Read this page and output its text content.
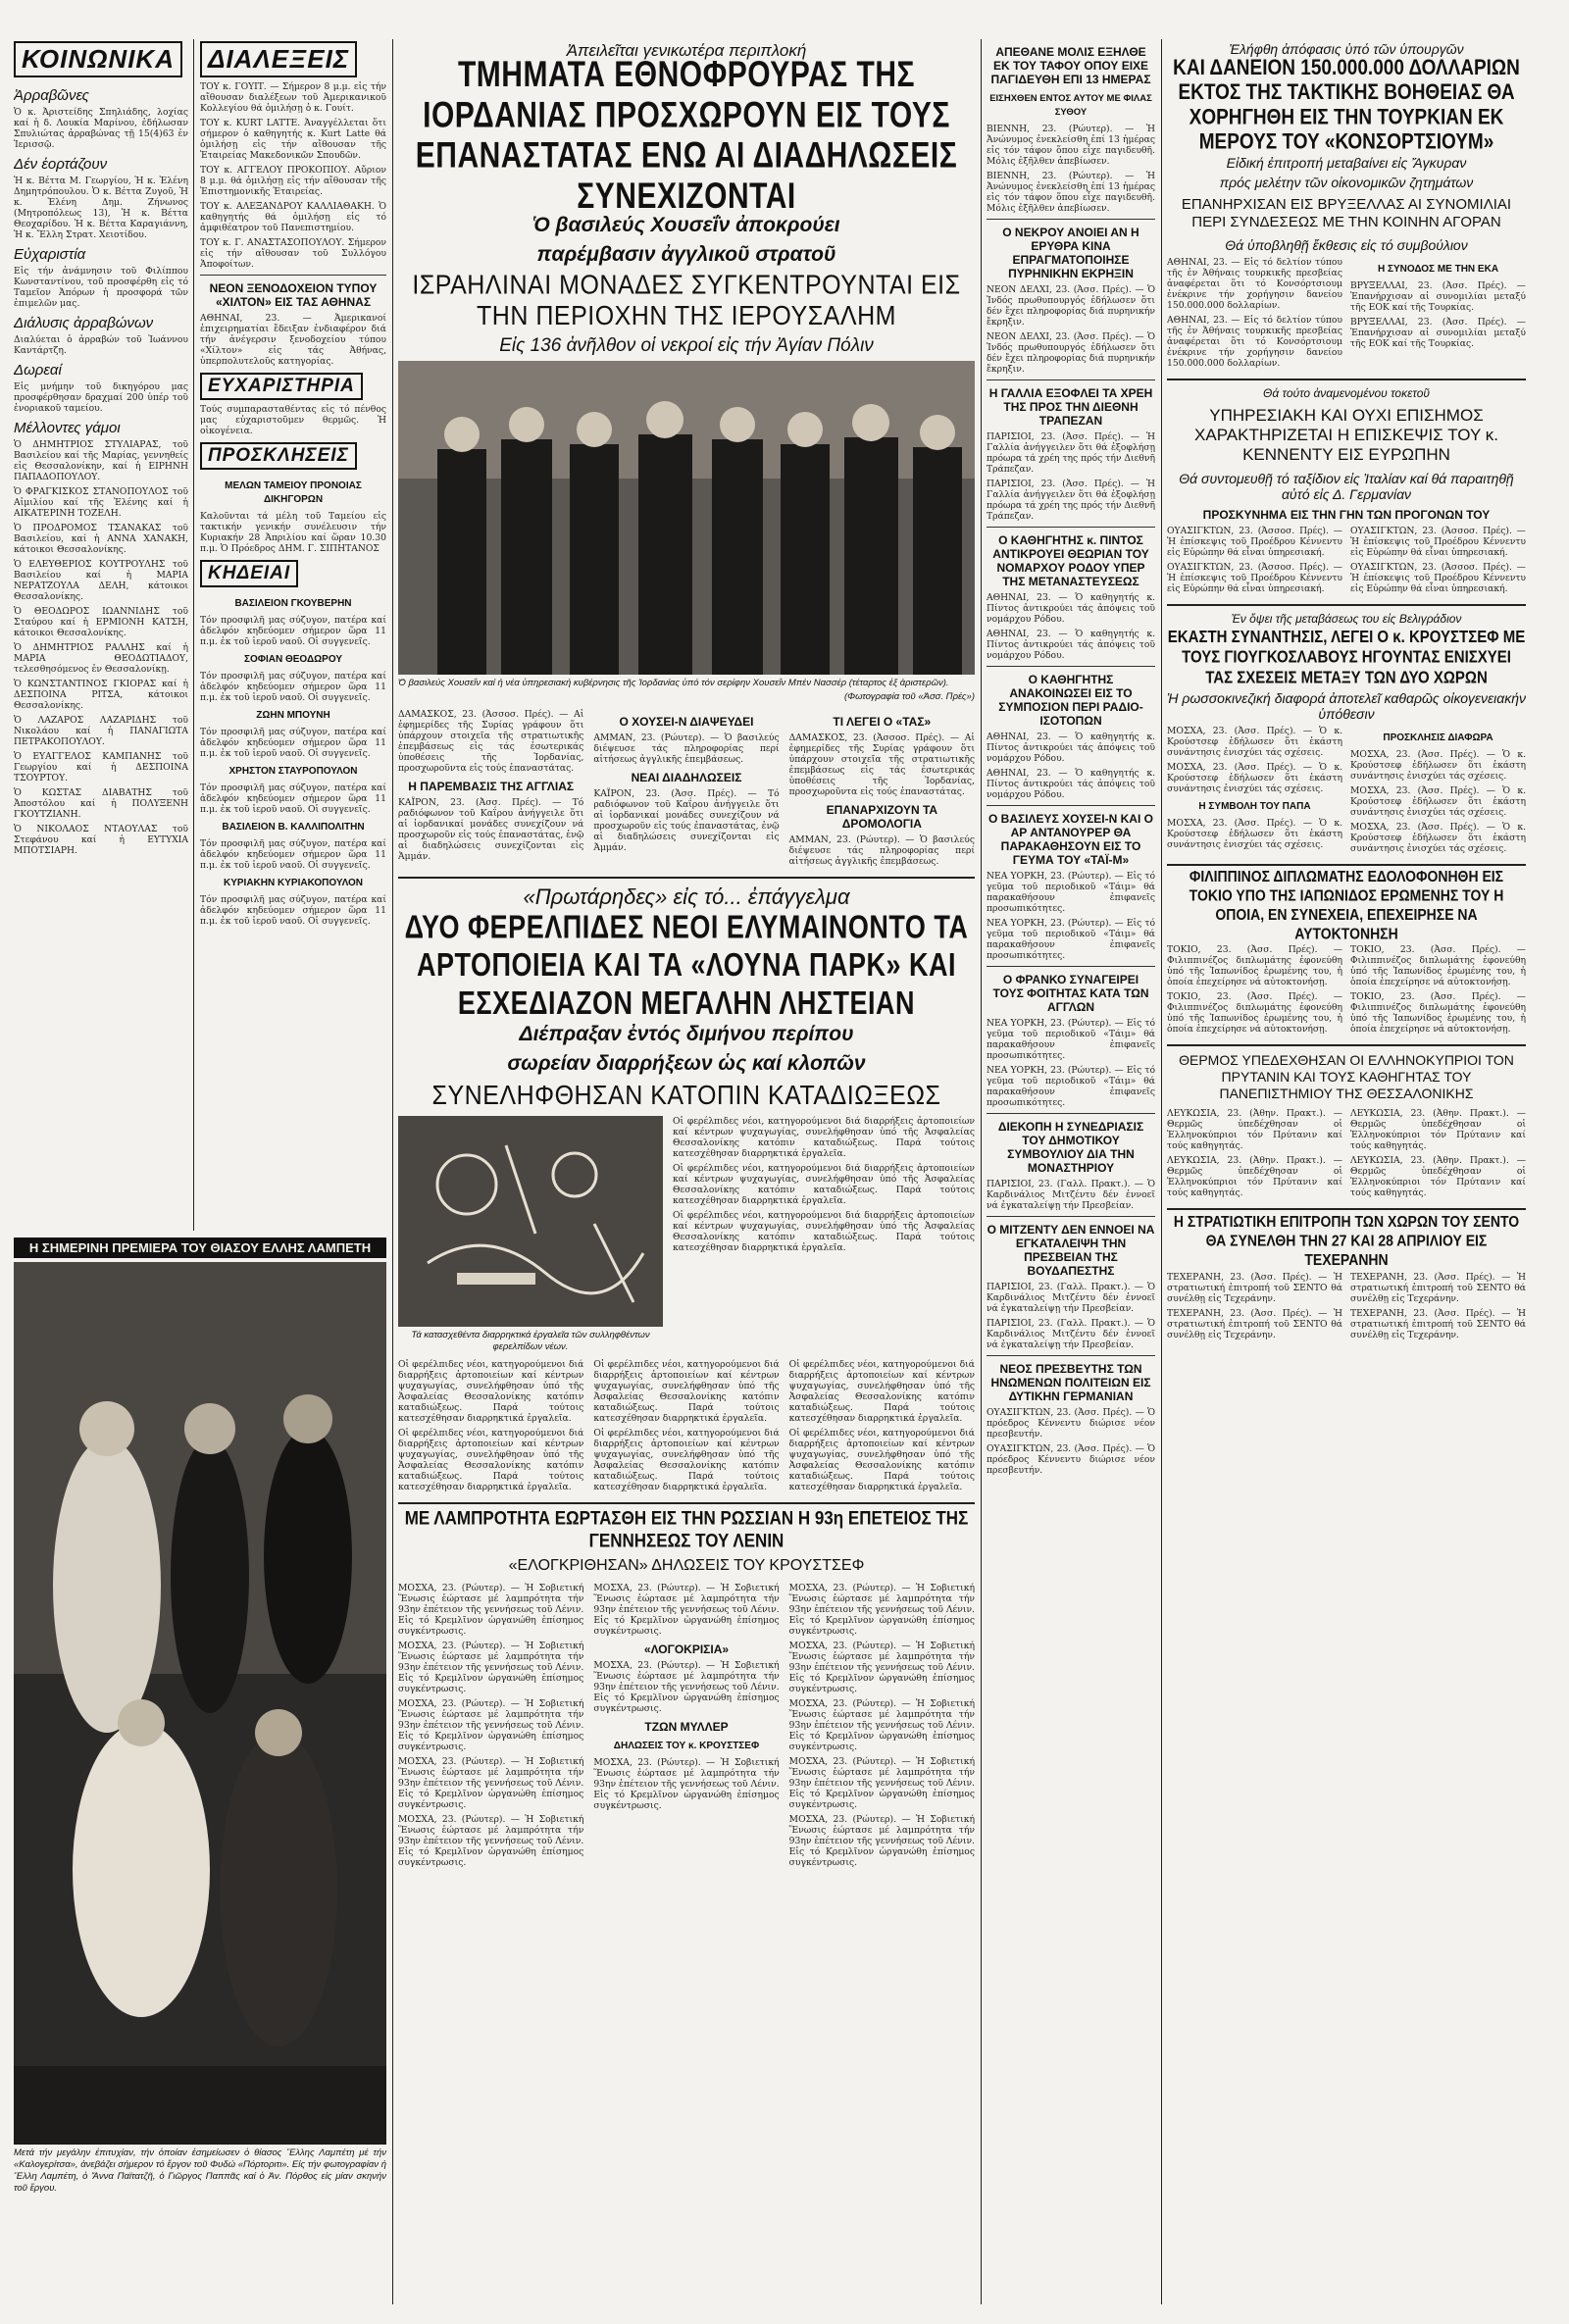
ΚΟΙΝΩΝΙΚΑ
Ἀρραβῶνες

Ὁ κ. Ἀριστείδης Σπηλιάδης, λοχίας καί ἡ δ. Λουκία Μαρίνου, ἐδήλωσαν Σπυλιώτας ἀρραβώνας τῇ 15(4)63 ἐν Ἱερισσῷ.

Δέν ἑορτάζουν

Ἡ κ. Βέττα Μ. Γεωργίου, Ἡ κ. Ἐλένη Δημητρόπουλου. Ὁ κ. Βέττα Ζυγοῦ, Ἡ κ. Ἑλένη Δημ. Ζήνωνος (Μητροπόλεως 13), Ἡ κ. Βέττα Θεοχαρίδου. Ἡ κ. Βέττα Καραγιάννη, Ἡ κ. Ἔλλη Στρατ. Χειοτίδου.

Εὐχαριστία

Εἰς τήν ἀνάμνησιν τοῦ Φιλίππου Κωνσταντίνου, τοῦ προσφέρθη εἰς τό Ταμεῖον Ἀπόρων ἡ προσφορά τῶν ἐπιμελῶν μας.

Διάλυσις ἀρραβώνων

Διαλύεται ὁ ἀρραβών τοῦ Ἰωάννου Καντάρτζη.

Δωρεαί

Εἰς μνήμην τοῦ δικηγόρου μας προσφέρθησαν δραχμαί 200 ὑπέρ τοῦ ἐνοριακοῦ ταμείου.

Μέλλοντες γάμοι

Ὁ ΔΗΜΗΤΡΙΟΣ ΣΤΥΛΙΑΡΑΣ, τοῦ Βασιλείου καί τῆς Μαρίας, γεννηθείς εἰς Θεσσαλονίκην, καί ἡ ΕΙΡΗΝΗ ΠΑΠΑΔΟΠΟΥΛΟΥ.

Ὁ ΦΡΑΓΚΙΣΚΟΣ ΣΤΑΝΟΠΟΥΛΟΣ τοῦ Αἰμιλίου καί τῆς Ἐλένης καί ἡ ΑΙΚΑΤΕΡΙΝΗ ΤΟΖΕΛΗ.

Ὁ ΠΡΟΔΡΟΜΟΣ ΤΣΑΝΑΚΑΣ τοῦ Βασιλείου, καί ἡ ΑΝΝΑ ΧΑΝΑΚΗ, κάτοικοι Θεσσαλονίκης.

Ὁ ΕΛΕΥΘΕΡΙΟΣ ΚΟΥΤΡΟΥΛΗΣ τοῦ Βασιλείου καί ἡ ΜΑΡΙΑ ΝΕΡΑΤΖΟΥΛΑ ΔΕΛΗ, κάτοικοι Θεσσαλονίκης.

Ὁ ΘΕΟΔΩΡΟΣ ΙΩΑΝΝΙΔΗΣ τοῦ Σταύρου καί ἡ ΕΡΜΙΟΝΗ ΚΑΤΣΗ, κάτοικοι Θεσσαλονίκης.

Ὁ ΔΗΜΗΤΡΙΟΣ ΡΑΛΛΗΣ καί ἡ ΜΑΡΙΑ ΘΕΟΔΩΤΙΑΔΟΥ, τελεσθησόμενος ἐν Θεσσαλονίκῃ.

Ὁ ΚΩΝΣΤΑΝΤΙΝΟΣ ΓΚΙΟΡΑΣ καί ἡ ΔΕΣΠΟΙΝΑ ΡΙΤΣΑ, κάτοικοι Θεσσαλονίκης.

Ὁ ΛΑΖΑΡΟΣ ΛΑΖΑΡΙΔΗΣ τοῦ Νικολάου καί ἡ ΠΑΝΑΓΙΩΤΑ ΠΕΤΡΑΚΟΠΟΥΛΟΥ.

Ὁ ΕΥΑΓΓΕΛΟΣ ΚΑΜΠΑΝΗΣ τοῦ Γεωργίου καί ἡ ΔΕΣΠΟΙΝΑ ΤΣΟΥΡΤΟΥ.

Ὁ ΚΩΣΤΑΣ ΔΙΑΒΑΤΗΣ τοῦ Ἀποστόλου καί ἡ ΠΟΛΥΞΕΝΗ ΓΚΟΥΤΖΙΑΝΗ.

Ὁ ΝΙΚΟΛΑΟΣ ΝΤΑΟΥΛΑΣ τοῦ Στεφάνου καί ἡ ΕΥΤΥΧΙΑ ΜΠΟΤΣΙΑΡΗ.

ΔΙΑΛΕΞΕΙΣ

ΤΟΥ κ. ΓΟΥΙΤ. — Σήμερον 8 μ.μ. εἰς τήν αἴθουσαν διαλέξεων τοῦ Ἀμερικανικοῦ Κολλεγίου θά ὁμιλήσῃ ὁ κ. Γουίτ.

ΤΟΥ κ. KURT LATTE. Ἀναγγέλλεται ὅτι σήμερον ὁ καθηγητής κ. Kurt Latte θά ὁμιλήσῃ εἰς τήν αἴθουσαν τῆς Ἑταιρείας Μακεδονικῶν Σπουδῶν.

ΤΟΥ κ. ΑΓΓΕΛΟΥ ΠΡΟΚΟΠΙΟΥ. Αὔριον 8 μ.μ. θά ὁμιλήσῃ εἰς τήν αἴθουσαν τῆς Ἐπιστημονικῆς Ἑταιρείας.

ΤΟΥ κ. ΑΛΕΞΑΝΔΡΟΥ ΚΑΛΛΙΑΘΑΚΗ. Ὁ καθηγητής θά ὁμιλήσῃ εἰς τό ἀμφιθέατρον τοῦ Πανεπιστημίου.

ΤΟΥ κ. Γ. ΑΝΑΣΤΑΣΟΠΟΥΛΟΥ. Σήμερον εἰς τήν αἴθουσαν τοῦ Συλλόγου Ἀποφοίτων.

ΝΕΟΝ ΞΕΝΟΔΟΧΕΙΟΝ ΤΥΠΟΥ «ΧΙΛΤΟΝ» ΕΙΣ ΤΑΣ ΑΘΗΝΑΣ

ΑΘΗΝΑΙ, 23. — Ἀμερικανοί ἐπιχειρηματίαι ἔδειξαν ἐνδιαφέρον διά τήν ἀνέγερσιν ξενοδοχείου τύπου «Χίλτον» εἰς τάς Ἀθήνας, ὑπερπολυτελοῦς κατηγορίας.

ΕΥΧΑΡΙΣΤΗΡΙΑ

Τούς συμπαρασταθέντας εἰς τό πένθος μας εὐχαριστοῦμεν θερμῶς. Ἡ οἰκογένεια.

ΠΡΟΣΚΛΗΣΕΙΣ
ΜΕΛΩΝ ΤΑΜΕΙΟΥ ΠΡΟΝΟΙΑΣ ΔΙΚΗΓΟΡΩΝ

Καλοῦνται τά μέλη τοῦ Ταμείου εἰς τακτικήν γενικήν συνέλευσιν τήν Κυριακήν 28 Ἀπριλίου καί ὥραν 10.30 π.μ. Ὁ Πρόεδρος ΔΗΜ. Γ. ΣΙΠΗΤΑΝΟΣ

ΚΗΔΕΙΑΙ
ΒΑΣΙΛΕΙΟΝ ΓΚΟΥΒΕΡΗΝ

Τόν προσφιλῆ μας σύζυγον, πατέρα καί ἀδελφόν κηδεύομεν σήμερον ὥρα 11 π.μ. ἐκ τοῦ ἱεροῦ ναοῦ. Οἱ συγγενεῖς.

ΣΟΦΙΑΝ ΘΕΟΔΩΡΟΥ

Τόν προσφιλῆ μας σύζυγον, πατέρα καί ἀδελφόν κηδεύομεν σήμερον ὥρα 11 π.μ. ἐκ τοῦ ἱεροῦ ναοῦ. Οἱ συγγενεῖς.

ΖΩΗΝ ΜΠΟΥΝΗ

Τόν προσφιλῆ μας σύζυγον, πατέρα καί ἀδελφόν κηδεύομεν σήμερον ὥρα 11 π.μ. ἐκ τοῦ ἱεροῦ ναοῦ. Οἱ συγγενεῖς.

ΧΡΗΣΤΟΝ ΣΤΑΥΡΟΠΟΥΛΟΝ

Τόν προσφιλῆ μας σύζυγον, πατέρα καί ἀδελφόν κηδεύομεν σήμερον ὥρα 11 π.μ. ἐκ τοῦ ἱεροῦ ναοῦ. Οἱ συγγενεῖς.

ΒΑΣΙΛΕΙΟΝ Β. ΚΑΛΛΙΠΟΛΙΤΗΝ

Τόν προσφιλῆ μας σύζυγον, πατέρα καί ἀδελφόν κηδεύομεν σήμερον ὥρα 11 π.μ. ἐκ τοῦ ἱεροῦ ναοῦ. Οἱ συγγενεῖς.

ΚΥΡΙΑΚΗΝ ΚΥΡΙΑΚΟΠΟΥΛΟΝ

Τόν προσφιλῆ μας σύζυγον, πατέρα καί ἀδελφόν κηδεύομεν σήμερον ὥρα 11 π.μ. ἐκ τοῦ ἱεροῦ ναοῦ. Οἱ συγγενεῖς.

Η ΣΗΜΕΡΙΝΗ ΠΡΕΜΙΕΡΑ ΤΟΥ ΘΙΑΣΟΥ ΕΛΛΗΣ ΛΑΜΠΕΤΗ

Μετά τήν μεγάλην ἐπιτυχίαν, τήν ὁποίαν ἐσημείωσεν ὁ θίασος Ἔλλης Λαμπέτη μέ τήν «Καλογερίτσα», ἀνεβάζει σήμερον τό ἔργον τοῦ Φυδώ «Πόρτοριτι». Εἰς τήν φωτογραφίαν ἡ Ἔλλη Λαμπέτη, ὁ Ἄννα Παϊτατζῆ, ὁ Γιῶργος Παππᾶς καί ὁ Ἀν. Πόρθος εἰς μίαν σκηνήν τοῦ ἔργου.

Ἀπειλεῖται γενικωτέρα περιπλοκή
ΤΜΗΜΑΤΑ ΕΘΝΟΦΡΟΥΡΑΣ ΤΗΣ ΙΟΡΔΑΝΙΑΣ ΠΡΟΣΧΩΡΟΥΝ ΕΙΣ ΤΟΥΣ ΕΠΑΝΑΣΤΑΤΑΣ ΕΝΩ ΑΙ ΔΙΑΔΗΛΩΣΕΙΣ ΣΥΝΕΧΙΖΟΝΤΑΙ
Ὁ βασιλεύς Χουσεΐν ἀποκρούει
παρέμβασιν ἀγγλικοῦ στρατοῦ
ΙΣΡΑΗΛΙΝΑΙ ΜΟΝΑΔΕΣ ΣΥΓΚΕΝΤΡΟΥΝΤΑΙ ΕΙΣ ΤΗΝ ΠΕΡΙΟΧΗΝ ΤΗΣ ΙΕΡΟΥΣΑΛΗΜ
Εἰς 136 ἀνῆλθον οἱ νεκροί εἰς τήν Ἀγίαν Πόλιν

Ὁ βασιλεύς Χουσεΐν καί ἡ νέα ὑπηρεσιακή κυβέρνησις τῆς Ἰορδανίας ὑπό τόν σερίφην Χουσεΐν Μπέν Νασσέρ (τέταρτος ἐξ ἀριστερῶν).

(Φωτογραφία τοῦ «Ἀσσ. Πρές»)

ΔΑΜΑΣΚΟΣ, 23. (Ἀσσοσ. Πρές). — Αἱ ἐφημερίδες τῆς Συρίας γράφουν ὅτι ὑπάρχουν στοιχεῖα τῆς στρατιωτικῆς ἐπεμβάσεως εἰς τάς ἐσωτερικάς ὑποθέσεις τῆς Ἰορδανίας, προσχωροῦντα εἰς τούς ἐπαναστάτας.

Η ΠΑΡΕΜΒΑΣΙΣ ΤΗΣ ΑΓΓΛΙΑΣ

ΚΑΪΡΟΝ, 23. (Ἀσσ. Πρές). — Τό ραδιόφωνον τοῦ Καΐρου ἀνήγγειλε ὅτι αἱ ἰορδανικαί μονάδες συνεχίζουν νά προσχωροῦν εἰς τούς ἐπαναστάτας, ἐνῷ αἱ διαδηλώσεις συνεχίζονται εἰς Ἀμμάν.

Ο ΧΟΥΣΕΙ-Ν ΔΙΑΨΕΥΔΕΙ

ΑΜΜΑΝ, 23. (Ρώυτερ). — Ὁ βασιλεύς διέψευσε τάς πληροφορίας περί αἰτήσεως ἀγγλικῆς ἐπεμβάσεως.

ΝΕΑΙ ΔΙΑΔΗΛΩΣΕΙΣ

ΚΑΪΡΟΝ, 23. (Ἀσσ. Πρές). — Τό ραδιόφωνον τοῦ Καΐρου ἀνήγγειλε ὅτι αἱ ἰορδανικαί μονάδες συνεχίζουν νά προσχωροῦν εἰς τούς ἐπαναστάτας, ἐνῷ αἱ διαδηλώσεις συνεχίζονται εἰς Ἀμμάν.

ΤΙ ΛΕΓΕΙ Ο «ΤΑΣ»

ΔΑΜΑΣΚΟΣ, 23. (Ἀσσοσ. Πρές). — Αἱ ἐφημερίδες τῆς Συρίας γράφουν ὅτι ὑπάρχουν στοιχεῖα τῆς στρατιωτικῆς ἐπεμβάσεως εἰς τάς ἐσωτερικάς ὑποθέσεις τῆς Ἰορδανίας, προσχωροῦντα εἰς τούς ἐπαναστάτας.

ΕΠΑΝΑΡΧΙΖΟΥΝ ΤΑ ΔΡΟΜΟΛΟΓΙΑ

ΑΜΜΑΝ, 23. (Ρώυτερ). — Ὁ βασιλεύς διέψευσε τάς πληροφορίας περί αἰτήσεως ἀγγλικῆς ἐπεμβάσεως.

«Πρωτάρηδες» εἰς τό... ἐπάγγελμα
ΔΥΟ ΦΕΡΕΛΠΙΔΕΣ ΝΕΟΙ ΕΛΥΜΑΙΝΟΝΤΟ ΤΑ ΑΡΤΟΠΟΙΕΙΑ ΚΑΙ ΤΑ «ΛΟΥΝΑ ΠΑΡΚ» ΚΑΙ ΕΣΧΕΔΙΑΖΟΝ ΜΕΓΑΛΗΝ ΛΗΣΤΕΙΑΝ
Διέπραξαν ἐντός διμήνου περίπου
σωρείαν διαρρήξεων ὡς καί κλοπῶν
ΣΥΝΕΛΗΦΘΗΣΑΝ ΚΑΤΟΠΙΝ ΚΑΤΑΔΙΩΞΕΩΣ

Τά κατασχεθέντα διαρρηκτικά ἐργαλεῖα τῶν συλληφθέντων φερελπίδων νέων.

Οἱ φερέλπιδες νέοι, κατηγορούμενοι διά διαρρήξεις ἀρτοποιείων καί κέντρων ψυχαγωγίας, συνελήφθησαν ὑπό τῆς Ἀσφαλείας Θεσσαλονίκης κατόπιν καταδιώξεως. Παρά τούτοις κατεσχέθησαν διαρρηκτικά ἐργαλεῖα.

Οἱ φερέλπιδες νέοι, κατηγορούμενοι διά διαρρήξεις ἀρτοποιείων καί κέντρων ψυχαγωγίας, συνελήφθησαν ὑπό τῆς Ἀσφαλείας Θεσσαλονίκης κατόπιν καταδιώξεως. Παρά τούτοις κατεσχέθησαν διαρρηκτικά ἐργαλεῖα.

Οἱ φερέλπιδες νέοι, κατηγορούμενοι διά διαρρήξεις ἀρτοποιείων καί κέντρων ψυχαγωγίας, συνελήφθησαν ὑπό τῆς Ἀσφαλείας Θεσσαλονίκης κατόπιν καταδιώξεως. Παρά τούτοις κατεσχέθησαν διαρρηκτικά ἐργαλεῖα.

Οἱ φερέλπιδες νέοι, κατηγορούμενοι διά διαρρήξεις ἀρτοποιείων καί κέντρων ψυχαγωγίας, συνελήφθησαν ὑπό τῆς Ἀσφαλείας Θεσσαλονίκης κατόπιν καταδιώξεως. Παρά τούτοις κατεσχέθησαν διαρρηκτικά ἐργαλεῖα.

Οἱ φερέλπιδες νέοι, κατηγορούμενοι διά διαρρήξεις ἀρτοποιείων καί κέντρων ψυχαγωγίας, συνελήφθησαν ὑπό τῆς Ἀσφαλείας Θεσσαλονίκης κατόπιν καταδιώξεως. Παρά τούτοις κατεσχέθησαν διαρρηκτικά ἐργαλεῖα.

Οἱ φερέλπιδες νέοι, κατηγορούμενοι διά διαρρήξεις ἀρτοποιείων καί κέντρων ψυχαγωγίας, συνελήφθησαν ὑπό τῆς Ἀσφαλείας Θεσσαλονίκης κατόπιν καταδιώξεως. Παρά τούτοις κατεσχέθησαν διαρρηκτικά ἐργαλεῖα.

Οἱ φερέλπιδες νέοι, κατηγορούμενοι διά διαρρήξεις ἀρτοποιείων καί κέντρων ψυχαγωγίας, συνελήφθησαν ὑπό τῆς Ἀσφαλείας Θεσσαλονίκης κατόπιν καταδιώξεως. Παρά τούτοις κατεσχέθησαν διαρρηκτικά ἐργαλεῖα.

Οἱ φερέλπιδες νέοι, κατηγορούμενοι διά διαρρήξεις ἀρτοποιείων καί κέντρων ψυχαγωγίας, συνελήφθησαν ὑπό τῆς Ἀσφαλείας Θεσσαλονίκης κατόπιν καταδιώξεως. Παρά τούτοις κατεσχέθησαν διαρρηκτικά ἐργαλεῖα.

Οἱ φερέλπιδες νέοι, κατηγορούμενοι διά διαρρήξεις ἀρτοποιείων καί κέντρων ψυχαγωγίας, συνελήφθησαν ὑπό τῆς Ἀσφαλείας Θεσσαλονίκης κατόπιν καταδιώξεως. Παρά τούτοις κατεσχέθησαν διαρρηκτικά ἐργαλεῖα.

ΜΕ ΛΑΜΠΡΟΤΗΤΑ ΕΩΡΤΑΣΘΗ ΕΙΣ ΤΗΝ ΡΩΣΣΙΑΝ Η 93η ΕΠΕΤΕΙΟΣ ΤΗΣ ΓΕΝΝΗΣΕΩΣ ΤΟΥ ΛΕΝΙΝ
«ΕΛΟΓΚΡΙΘΗΣΑΝ» ΔΗΛΩΣΕΙΣ ΤΟΥ ΚΡΟΥΣΤΣΕΦ

ΜΟΣΧΑ, 23. (Ρώυτερ). — Ἡ Σοβιετική Ἕνωσις ἑώρτασε μέ λαμπρότητα τήν 93ην ἐπέτειον τῆς γεννήσεως τοῦ Λένιν. Εἰς τό Κρεμλῖνον ὡργανώθη ἐπίσημος συγκέντρωσις.

ΜΟΣΧΑ, 23. (Ρώυτερ). — Ἡ Σοβιετική Ἕνωσις ἑώρτασε μέ λαμπρότητα τήν 93ην ἐπέτειον τῆς γεννήσεως τοῦ Λένιν. Εἰς τό Κρεμλῖνον ὡργανώθη ἐπίσημος συγκέντρωσις.

ΜΟΣΧΑ, 23. (Ρώυτερ). — Ἡ Σοβιετική Ἕνωσις ἑώρτασε μέ λαμπρότητα τήν 93ην ἐπέτειον τῆς γεννήσεως τοῦ Λένιν. Εἰς τό Κρεμλῖνον ὡργανώθη ἐπίσημος συγκέντρωσις.

ΜΟΣΧΑ, 23. (Ρώυτερ). — Ἡ Σοβιετική Ἕνωσις ἑώρτασε μέ λαμπρότητα τήν 93ην ἐπέτειον τῆς γεννήσεως τοῦ Λένιν. Εἰς τό Κρεμλῖνον ὡργανώθη ἐπίσημος συγκέντρωσις.

ΜΟΣΧΑ, 23. (Ρώυτερ). — Ἡ Σοβιετική Ἕνωσις ἑώρτασε μέ λαμπρότητα τήν 93ην ἐπέτειον τῆς γεννήσεως τοῦ Λένιν. Εἰς τό Κρεμλῖνον ὡργανώθη ἐπίσημος συγκέντρωσις.

ΜΟΣΧΑ, 23. (Ρώυτερ). — Ἡ Σοβιετική Ἕνωσις ἑώρτασε μέ λαμπρότητα τήν 93ην ἐπέτειον τῆς γεννήσεως τοῦ Λένιν. Εἰς τό Κρεμλῖνον ὡργανώθη ἐπίσημος συγκέντρωσις.

«ΛΟΓΟΚΡΙΣΙΑ»

ΜΟΣΧΑ, 23. (Ρώυτερ). — Ἡ Σοβιετική Ἕνωσις ἑώρτασε μέ λαμπρότητα τήν 93ην ἐπέτειον τῆς γεννήσεως τοῦ Λένιν. Εἰς τό Κρεμλῖνον ὡργανώθη ἐπίσημος συγκέντρωσις.

ΤΖΩΝ ΜΥΛΛΕΡ
ΔΗΛΩΣΕΙΣ ΤΟΥ κ. ΚΡΟΥΣΤΣΕΦ

ΜΟΣΧΑ, 23. (Ρώυτερ). — Ἡ Σοβιετική Ἕνωσις ἑώρτασε μέ λαμπρότητα τήν 93ην ἐπέτειον τῆς γεννήσεως τοῦ Λένιν. Εἰς τό Κρεμλῖνον ὡργανώθη ἐπίσημος συγκέντρωσις.

ΜΟΣΧΑ, 23. (Ρώυτερ). — Ἡ Σοβιετική Ἕνωσις ἑώρτασε μέ λαμπρότητα τήν 93ην ἐπέτειον τῆς γεννήσεως τοῦ Λένιν. Εἰς τό Κρεμλῖνον ὡργανώθη ἐπίσημος συγκέντρωσις.

ΜΟΣΧΑ, 23. (Ρώυτερ). — Ἡ Σοβιετική Ἕνωσις ἑώρτασε μέ λαμπρότητα τήν 93ην ἐπέτειον τῆς γεννήσεως τοῦ Λένιν. Εἰς τό Κρεμλῖνον ὡργανώθη ἐπίσημος συγκέντρωσις.

ΜΟΣΧΑ, 23. (Ρώυτερ). — Ἡ Σοβιετική Ἕνωσις ἑώρτασε μέ λαμπρότητα τήν 93ην ἐπέτειον τῆς γεννήσεως τοῦ Λένιν. Εἰς τό Κρεμλῖνον ὡργανώθη ἐπίσημος συγκέντρωσις.

ΜΟΣΧΑ, 23. (Ρώυτερ). — Ἡ Σοβιετική Ἕνωσις ἑώρτασε μέ λαμπρότητα τήν 93ην ἐπέτειον τῆς γεννήσεως τοῦ Λένιν. Εἰς τό Κρεμλῖνον ὡργανώθη ἐπίσημος συγκέντρωσις.

ΜΟΣΧΑ, 23. (Ρώυτερ). — Ἡ Σοβιετική Ἕνωσις ἑώρτασε μέ λαμπρότητα τήν 93ην ἐπέτειον τῆς γεννήσεως τοῦ Λένιν. Εἰς τό Κρεμλῖνον ὡργανώθη ἐπίσημος συγκέντρωσις.

ΑΠΕΘΑΝΕ ΜΟΛΙΣ ΕΞΗΛΘΕ ΕΚ ΤΟΥ ΤΑΦΟΥ ΟΠΟΥ ΕΙΧΕ ΠΑΓΙΔΕΥΘΗ ΕΠΙ 13 ΗΜΕΡΑΣ
ΕΙΣΗΧΘΕΝ ΕΝΤΟΣ ΑΥΤΟΥ ΜΕ ΦΙΛΑΣ ΣΥΘΟΥ

ΒΙΕΝΝΗ, 23. (Ρώυτερ). — Ἡ Ἀνώνυμος ἐνεκλείσθη ἐπί 13 ἡμέρας εἰς τόν τάφον ὅπου εἶχε παγιδευθῆ. Μόλις ἐξῆλθεν ἀπεβίωσεν.

ΒΙΕΝΝΗ, 23. (Ρώυτερ). — Ἡ Ἀνώνυμος ἐνεκλείσθη ἐπί 13 ἡμέρας εἰς τόν τάφον ὅπου εἶχε παγιδευθῆ. Μόλις ἐξῆλθεν ἀπεβίωσεν.

Ο ΝΕΚΡΟΥ ΑΝΟΙΕΙ ΑΝ Η ΕΡΥΘΡΑ ΚΙΝΑ ΕΠΡΑΓΜΑΤΟΠΟΙΗΣΕ ΠΥΡΗΝΙΚΗΝ ΕΚΡΗΞΙΝ

ΝΕΟΝ ΔΕΛΧΙ, 23. (Ἀσσ. Πρές). — Ὁ Ἰνδός πρωθυπουργός ἐδήλωσεν ὅτι δέν ἔχει πληροφορίας διά πυρηνικήν ἔκρηξιν.

ΝΕΟΝ ΔΕΛΧΙ, 23. (Ἀσσ. Πρές). — Ὁ Ἰνδός πρωθυπουργός ἐδήλωσεν ὅτι δέν ἔχει πληροφορίας διά πυρηνικήν ἔκρηξιν.

Η ΓΑΛΛΙΑ ΕΞΟΦΛΕΙ ΤΑ ΧΡΕΗ ΤΗΣ ΠΡΟΣ ΤΗΝ ΔΙΕΘΝΗ ΤΡΑΠΕΖΑΝ

ΠΑΡΙΣΙΟΙ, 23. (Ἀσσ. Πρές). — Ἡ Γαλλία ἀνήγγειλεν ὅτι θά ἐξοφλήσῃ πρόωρα τά χρέη της πρός τήν Διεθνῆ Τράπεζαν.

ΠΑΡΙΣΙΟΙ, 23. (Ἀσσ. Πρές). — Ἡ Γαλλία ἀνήγγειλεν ὅτι θά ἐξοφλήσῃ πρόωρα τά χρέη της πρός τήν Διεθνῆ Τράπεζαν.

Ο ΚΑΘΗΓΗΤΗΣ κ. ΠΙΝΤΟΣ ΑΝΤΙΚΡΟΥΕΙ ΘΕΩΡΙΑΝ ΤΟΥ ΝΟΜΑΡΧΟΥ ΡΟΔΟΥ ΥΠΕΡ ΤΗΣ ΜΕΤΑΝΑΣΤΕΥΣΕΩΣ

ΑΘΗΝΑΙ, 23. — Ὁ καθηγητής κ. Πίντος ἀντικρούει τάς ἀπόψεις τοῦ νομάρχου Ρόδου.

ΑΘΗΝΑΙ, 23. — Ὁ καθηγητής κ. Πίντος ἀντικρούει τάς ἀπόψεις τοῦ νομάρχου Ρόδου.

Ο ΚΑΘΗΓΗΤΗΣ ΑΝΑΚΟΙΝΩΣΕΙ ΕΙΣ ΤΟ ΣΥΜΠΟΣΙΟΝ ΠΕΡΙ ΡΑΔΙΟ-ΙΣΟΤΟΠΩΝ

ΑΘΗΝΑΙ, 23. — Ὁ καθηγητής κ. Πίντος ἀντικρούει τάς ἀπόψεις τοῦ νομάρχου Ρόδου.

ΑΘΗΝΑΙ, 23. — Ὁ καθηγητής κ. Πίντος ἀντικρούει τάς ἀπόψεις τοῦ νομάρχου Ρόδου.

Ο ΒΑΣΙΛΕΥΣ ΧΟΥΣΕΙ-Ν ΚΑΙ Ο ΑΡ ΑΝΤΑΝΟΥΡΕΡ ΘΑ ΠΑΡΑΚΑΘΗΣΟΥΝ ΕΙΣ ΤΟ ΓΕΥΜΑ ΤΟΥ «ΤΑΪ-Μ»

ΝΕΑ ΥΟΡΚΗ, 23. (Ρώυτερ). — Εἰς τό γεῦμα τοῦ περιοδικοῦ «Τάιμ» θά παρακαθήσουν ἐπιφανεῖς προσωπικότητες.

ΝΕΑ ΥΟΡΚΗ, 23. (Ρώυτερ). — Εἰς τό γεῦμα τοῦ περιοδικοῦ «Τάιμ» θά παρακαθήσουν ἐπιφανεῖς προσωπικότητες.

Ο ΦΡΑΝΚΟ ΣΥΝΑΓΕΙΡΕΙ ΤΟΥΣ ΦΟΙΤΗΤΑΣ ΚΑΤΑ ΤΩΝ ΑΓΓΛΩΝ

ΝΕΑ ΥΟΡΚΗ, 23. (Ρώυτερ). — Εἰς τό γεῦμα τοῦ περιοδικοῦ «Τάιμ» θά παρακαθήσουν ἐπιφανεῖς προσωπικότητες.

ΝΕΑ ΥΟΡΚΗ, 23. (Ρώυτερ). — Εἰς τό γεῦμα τοῦ περιοδικοῦ «Τάιμ» θά παρακαθήσουν ἐπιφανεῖς προσωπικότητες.

ΔΙΕΚΟΠΗ Η ΣΥΝΕΔΡΙΑΣΙΣ ΤΟΥ ΔΗΜΟΤΙΚΟΥ ΣΥΜΒΟΥΛΙΟΥ ΔΙΑ ΤΗΝ ΜΟΝΑΣΤΗΡΙΟΥ

ΠΑΡΙΣΙΟΙ, 23. (Γαλλ. Πρακτ.). — Ὁ Καρδινάλιος Μιτζέντυ δέν ἐννοεῖ νά ἐγκαταλείψῃ τήν Πρεσβείαν.

Ο ΜΙΤΖΕΝΤΥ ΔΕΝ ΕΝΝΟΕΙ ΝΑ ΕΓΚΑΤΑΛΕΙΨΗ ΤΗΝ ΠΡΕΣΒΕΙΑΝ ΤΗΣ ΒΟΥΔΑΠΕΣΤΗΣ

ΠΑΡΙΣΙΟΙ, 23. (Γαλλ. Πρακτ.). — Ὁ Καρδινάλιος Μιτζέντυ δέν ἐννοεῖ νά ἐγκαταλείψῃ τήν Πρεσβείαν.

ΠΑΡΙΣΙΟΙ, 23. (Γαλλ. Πρακτ.). — Ὁ Καρδινάλιος Μιτζέντυ δέν ἐννοεῖ νά ἐγκαταλείψῃ τήν Πρεσβείαν.

ΝΕΟΣ ΠΡΕΣΒΕΥΤΗΣ ΤΩΝ ΗΝΩΜΕΝΩΝ ΠΟΛΙΤΕΙΩΝ ΕΙΣ ΔΥΤΙΚΗΝ ΓΕΡΜΑΝΙΑΝ

ΟΥΑΣΙΓΚΤΩΝ, 23. (Ἀσσ. Πρές). — Ὁ πρόεδρος Κέννεντυ διώρισε νέον πρεσβευτήν.

ΟΥΑΣΙΓΚΤΩΝ, 23. (Ἀσσ. Πρές). — Ὁ πρόεδρος Κέννεντυ διώρισε νέον πρεσβευτήν.

Ἐλήφθη ἀπόφασις ὑπό τῶν ὑπουργῶν
ΚΑΙ ΔΑΝΕΙΟΝ 150.000.000 ΔΟΛΛΑΡΙΩΝ ΕΚΤΟΣ ΤΗΣ ΤΑΚΤΙΚΗΣ ΒΟΗΘΕΙΑΣ ΘΑ ΧΟΡΗΓΗΘΗ ΕΙΣ ΤΗΝ ΤΟΥΡΚΙΑΝ ΕΚ ΜΕΡΟΥΣ ΤΟΥ «ΚΟΝΣΟΡΤΣΙΟΥΜ»
Εἰδική ἐπιτροπή μεταβαίνει εἰς Ἄγκυραν
πρός μελέτην τῶν οἰκονομικῶν ζητημάτων
ΕΠΑΝΗΡΧΙΣΑΝ ΕΙΣ ΒΡΥΞΕΛΛΑΣ ΑΙ ΣΥΝΟΜΙΛΙΑΙ ΠΕΡΙ ΣΥΝΔΕΣΕΩΣ ΜΕ ΤΗΝ ΚΟΙΝΗΝ ΑΓΟΡΑΝ
Θά ὑποβληθῇ ἔκθεσις εἰς τό συμβούλιον

ΑΘΗΝΑΙ, 23. — Εἰς τό δελτίον τύπου τῆς ἐν Ἀθήναις τουρκικῆς πρεσβείας ἀναφέρεται ὅτι τό Κονσόρτσιουμ ἐνέκρινε τήν χορήγησιν δανείου 150.000.000 δολλαρίων.

ΑΘΗΝΑΙ, 23. — Εἰς τό δελτίον τύπου τῆς ἐν Ἀθήναις τουρκικῆς πρεσβείας ἀναφέρεται ὅτι τό Κονσόρτσιουμ ἐνέκρινε τήν χορήγησιν δανείου 150.000.000 δολλαρίων.

Η ΣΥΝΟΔΟΣ ΜΕ ΤΗΝ ΕΚΑ

ΒΡΥΞΕΛΛΑΙ, 23. (Ἀσσ. Πρές). — Ἐπανήρχισαν αἱ συνομιλίαι μεταξύ τῆς ΕΟΚ καί τῆς Τουρκίας.

ΒΡΥΞΕΛΛΑΙ, 23. (Ἀσσ. Πρές). — Ἐπανήρχισαν αἱ συνομιλίαι μεταξύ τῆς ΕΟΚ καί τῆς Τουρκίας.

Θά τούτο ἀναμενομένου τοκετοῦ
ΥΠΗΡΕΣΙΑΚΗ ΚΑΙ ΟΥΧΙ ΕΠΙΣΗΜΟΣ ΧΑΡΑΚΤΗΡΙΖΕΤΑΙ Η ΕΠΙΣΚΕΨΙΣ ΤΟΥ κ. ΚΕΝΝΕΝΤΥ ΕΙΣ ΕΥΡΩΠΗΝ
Θά συντομευθῇ τό ταξίδιον εἰς Ἰταλίαν καί θά παραιτηθῇ αὐτό εἰς Δ. Γερμανίαν
ΠΡΟΣΚΥΝΗΜΑ ΕΙΣ ΤΗΝ ΓΗΝ ΤΩΝ ΠΡΟΓΟΝΩΝ ΤΟΥ

ΟΥΑΣΙΓΚΤΩΝ, 23. (Ἀσσοσ. Πρές). — Ἡ ἐπίσκεψις τοῦ Προέδρου Κέννεντυ εἰς Εὐρώπην θά εἶναι ὑπηρεσιακή.

ΟΥΑΣΙΓΚΤΩΝ, 23. (Ἀσσοσ. Πρές). — Ἡ ἐπίσκεψις τοῦ Προέδρου Κέννεντυ εἰς Εὐρώπην θά εἶναι ὑπηρεσιακή.

ΟΥΑΣΙΓΚΤΩΝ, 23. (Ἀσσοσ. Πρές). — Ἡ ἐπίσκεψις τοῦ Προέδρου Κέννεντυ εἰς Εὐρώπην θά εἶναι ὑπηρεσιακή.

ΟΥΑΣΙΓΚΤΩΝ, 23. (Ἀσσοσ. Πρές). — Ἡ ἐπίσκεψις τοῦ Προέδρου Κέννεντυ εἰς Εὐρώπην θά εἶναι ὑπηρεσιακή.

Ἐν ὄψει τῆς μεταβάσεως του εἰς Βελιγράδιον
ΕΚΑΣΤΗ ΣΥΝΑΝΤΗΣΙΣ, ΛΕΓΕΙ Ο κ. ΚΡΟΥΣΤΣΕΦ ΜΕ ΤΟΥΣ ΓΙΟΥΓΚΟΣΛΑΒΟΥΣ ΗΓΟΥΝΤΑΣ ΕΝΙΣΧΥΕΙ ΤΑΣ ΣΧΕΣΕΙΣ ΜΕΤΑΞΥ ΤΩΝ ΔΥΟ ΧΩΡΩΝ
Ἡ ρωσσοκινεζική διαφορά ἀποτελεῖ καθαρῶς οἰκογενειακήν ὑπόθεσιν

ΜΟΣΧΑ, 23. (Ἀσσ. Πρές). — Ὁ κ. Κρούστσεφ ἐδήλωσεν ὅτι ἑκάστη συνάντησις ἐνισχύει τάς σχέσεις.

ΜΟΣΧΑ, 23. (Ἀσσ. Πρές). — Ὁ κ. Κρούστσεφ ἐδήλωσεν ὅτι ἑκάστη συνάντησις ἐνισχύει τάς σχέσεις.

Η ΣΥΜΒΟΛΗ ΤΟΥ ΠΑΠΑ

ΜΟΣΧΑ, 23. (Ἀσσ. Πρές). — Ὁ κ. Κρούστσεφ ἐδήλωσεν ὅτι ἑκάστη συνάντησις ἐνισχύει τάς σχέσεις.

ΠΡΟΣΚΛΗΣΙΣ ΔΙΑΦΩΡΑ

ΜΟΣΧΑ, 23. (Ἀσσ. Πρές). — Ὁ κ. Κρούστσεφ ἐδήλωσεν ὅτι ἑκάστη συνάντησις ἐνισχύει τάς σχέσεις.

ΜΟΣΧΑ, 23. (Ἀσσ. Πρές). — Ὁ κ. Κρούστσεφ ἐδήλωσεν ὅτι ἑκάστη συνάντησις ἐνισχύει τάς σχέσεις.

ΜΟΣΧΑ, 23. (Ἀσσ. Πρές). — Ὁ κ. Κρούστσεφ ἐδήλωσεν ὅτι ἑκάστη συνάντησις ἐνισχύει τάς σχέσεις.

ΦΙΛΙΠΠΙΝΟΣ ΔΙΠΛΩΜΑΤΗΣ ΕΔΟΛΟΦΟΝΗΘΗ ΕΙΣ ΤΟΚΙΟ ΥΠΟ ΤΗΣ ΙΑΠΩΝΙΔΟΣ ΕΡΩΜΕΝΗΣ ΤΟΥ Η ΟΠΟΙΑ, ΕΝ ΣΥΝΕΧΕΙΑ, ΕΠΕΧΕΙΡΗΣΕ ΝΑ ΑΥΤΟΚΤΟΝΗΣΗ

ΤΟΚΙΟ, 23. (Ἀσσ. Πρές). — Φιλιππινέζος διπλωμάτης ἐφονεύθη ὑπό τῆς Ἰαπωνίδος ἐρωμένης του, ἡ ὁποία ἐπεχείρησε νά αὐτοκτονήσῃ.

ΤΟΚΙΟ, 23. (Ἀσσ. Πρές). — Φιλιππινέζος διπλωμάτης ἐφονεύθη ὑπό τῆς Ἰαπωνίδος ἐρωμένης του, ἡ ὁποία ἐπεχείρησε νά αὐτοκτονήσῃ.

ΤΟΚΙΟ, 23. (Ἀσσ. Πρές). — Φιλιππινέζος διπλωμάτης ἐφονεύθη ὑπό τῆς Ἰαπωνίδος ἐρωμένης του, ἡ ὁποία ἐπεχείρησε νά αὐτοκτονήσῃ.

ΤΟΚΙΟ, 23. (Ἀσσ. Πρές). — Φιλιππινέζος διπλωμάτης ἐφονεύθη ὑπό τῆς Ἰαπωνίδος ἐρωμένης του, ἡ ὁποία ἐπεχείρησε νά αὐτοκτονήσῃ.

ΘΕΡΜΟΣ ΥΠΕΔΕΧΘΗΣΑΝ ΟΙ ΕΛΛΗΝΟΚΥΠΡΙΟΙ ΤΟΝ ΠΡΥΤΑΝΙΝ ΚΑΙ ΤΟΥΣ ΚΑΘΗΓΗΤΑΣ ΤΟΥ ΠΑΝΕΠΙΣΤΗΜΙΟΥ ΤΗΣ ΘΕΣΣΑΛΟΝΙΚΗΣ

ΛΕΥΚΩΣΙΑ, 23. (Ἀθην. Πρακτ.). — Θερμῶς ὑπεδέχθησαν οἱ Ἑλληνοκύπριοι τόν Πρύτανιν καί τούς καθηγητάς.

ΛΕΥΚΩΣΙΑ, 23. (Ἀθην. Πρακτ.). — Θερμῶς ὑπεδέχθησαν οἱ Ἑλληνοκύπριοι τόν Πρύτανιν καί τούς καθηγητάς.

ΛΕΥΚΩΣΙΑ, 23. (Ἀθην. Πρακτ.). — Θερμῶς ὑπεδέχθησαν οἱ Ἑλληνοκύπριοι τόν Πρύτανιν καί τούς καθηγητάς.

ΛΕΥΚΩΣΙΑ, 23. (Ἀθην. Πρακτ.). — Θερμῶς ὑπεδέχθησαν οἱ Ἑλληνοκύπριοι τόν Πρύτανιν καί τούς καθηγητάς.

Η ΣΤΡΑΤΙΩΤΙΚΗ ΕΠΙΤΡΟΠΗ ΤΩΝ ΧΩΡΩΝ ΤΟΥ ΣΕΝΤΟ ΘΑ ΣΥΝΕΛΘΗ ΤΗΝ 27 ΚΑΙ 28 ΑΠΡΙΛΙΟΥ ΕΙΣ ΤΕΧΕΡΑΝΗΝ

ΤΕΧΕΡΑΝΗ, 23. (Ἀσσ. Πρές). — Ἡ στρατιωτική ἐπιτροπή τοῦ ΣΕΝΤΟ θά συνέλθῃ εἰς Τεχεράνην.

ΤΕΧΕΡΑΝΗ, 23. (Ἀσσ. Πρές). — Ἡ στρατιωτική ἐπιτροπή τοῦ ΣΕΝΤΟ θά συνέλθῃ εἰς Τεχεράνην.

ΤΕΧΕΡΑΝΗ, 23. (Ἀσσ. Πρές). — Ἡ στρατιωτική ἐπιτροπή τοῦ ΣΕΝΤΟ θά συνέλθῃ εἰς Τεχεράνην.

ΤΕΧΕΡΑΝΗ, 23. (Ἀσσ. Πρές). — Ἡ στρατιωτική ἐπιτροπή τοῦ ΣΕΝΤΟ θά συνέλθῃ εἰς Τεχεράνην.
